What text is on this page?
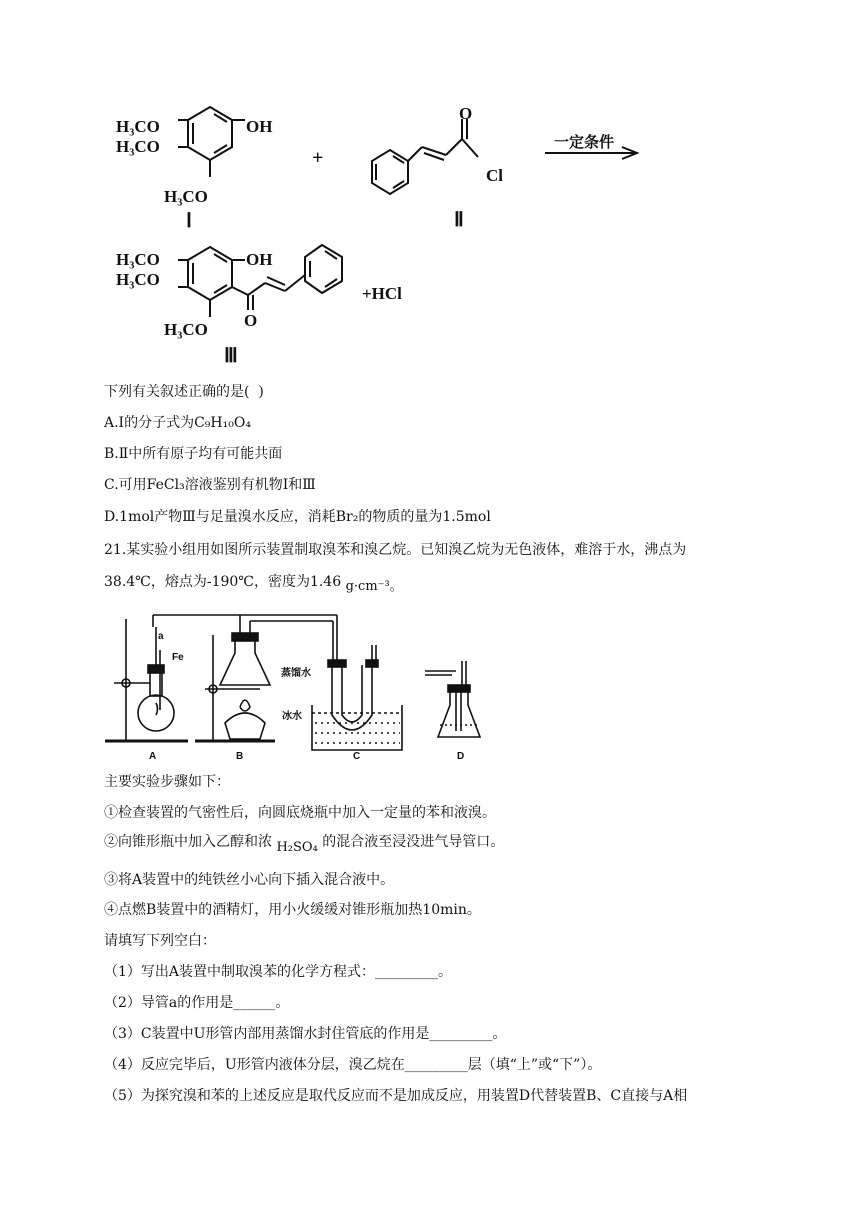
H₃CO
H₃CO
OH
H₃CO
Ⅰ
+
O
Cl
Ⅱ
一定条件
H₃CO
H₃CO
OH
H₃CO O
+HCl
Ⅲ
下列有关叙述正确的是(  )
A.Ⅰ的分子式为C₉H₁₀O₄
B.Ⅱ中所有原子均有可能共面
C.可用FeCl₃溶液鉴别有机物Ⅰ和Ⅲ
D.1mol产物Ⅲ与足量溴水反应，消耗Br₂的物质的量为1.5mol
21.某实验小组用如图所示装置制取溴苯和溴乙烷。已知溴乙烷为无色液体，难溶于水，沸点为
38.4℃，熔点为-190℃，密度为1.46 g·cm⁻³。
a
Fe
蒸馏水
冰水
A	B	C	D
主要实验步骤如下：
①检查装置的气密性后，向圆底烧瓶中加入一定量的苯和液溴。
②向锥形瓶中加入乙醇和浓 H₂SO₄ 的混合液至浸没进气导管口。
③将A装置中的纯铁丝小心向下插入混合液中。
④点燃B装置中的酒精灯，用小火缓缓对锥形瓶加热10min。
请填写下列空白：
（1）写出A装置中制取溴苯的化学方程式：_________。
（2）导管a的作用是______。
（3）C装置中U形管内部用蒸馏水封住管底的作用是_________。
（4）反应完毕后，U形管内液体分层，溴乙烷在_________层（填“上”或“下”）。
（5）为探究溴和苯的上述反应是取代反应而不是加成反应，用装置D代替装置B、C直接与A相
